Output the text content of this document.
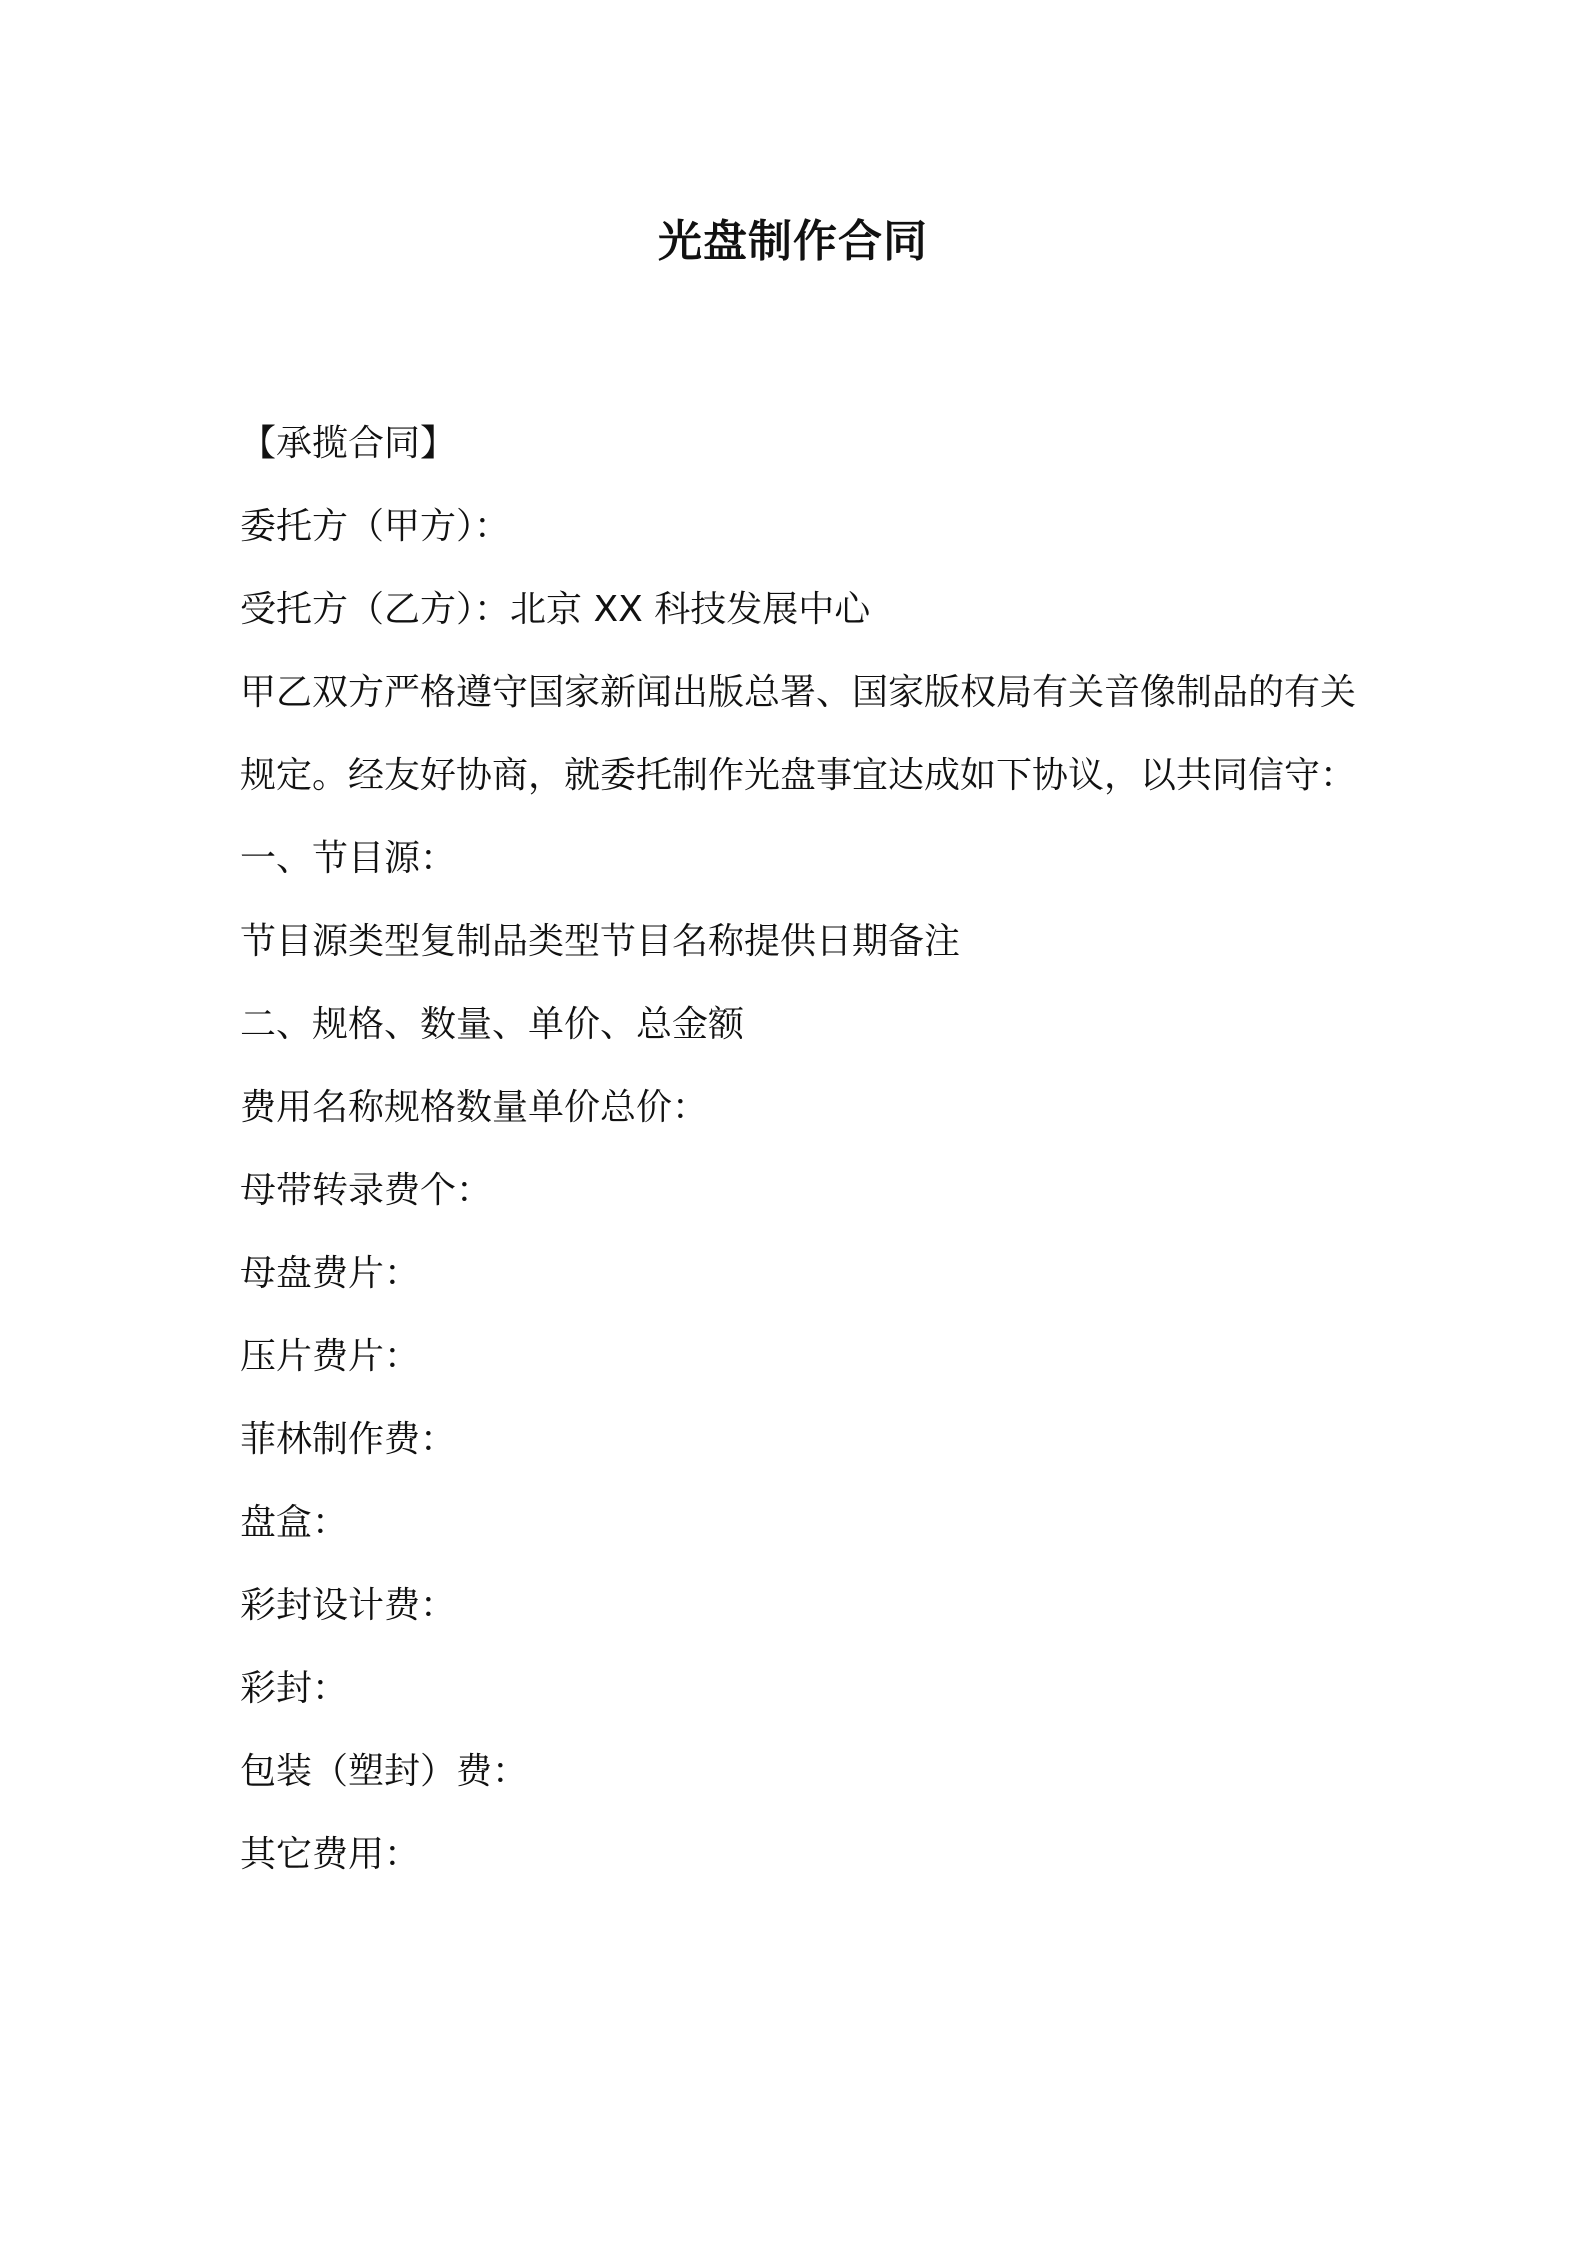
光盘制作合同
【承揽合同】
委托方（甲方）：
受托方（乙方）：北京 XX 科技发展中心

甲乙双方严格遵守国家新闻出版总署、国家版权局有关音像制品的有关规定。经友好协商，就委托制作光盘事宜达成如下协议，以共同信守：

一、节目源：
节目源类型复制品类型节目名称提供日期备注
二、规格、数量、单价、总金额
费用名称规格数量单价总价：
母带转录费个：
母盘费片：
压片费片：
菲林制作费：
盘盒：
彩封设计费：
彩封：
包装（塑封）费：
其它费用：
